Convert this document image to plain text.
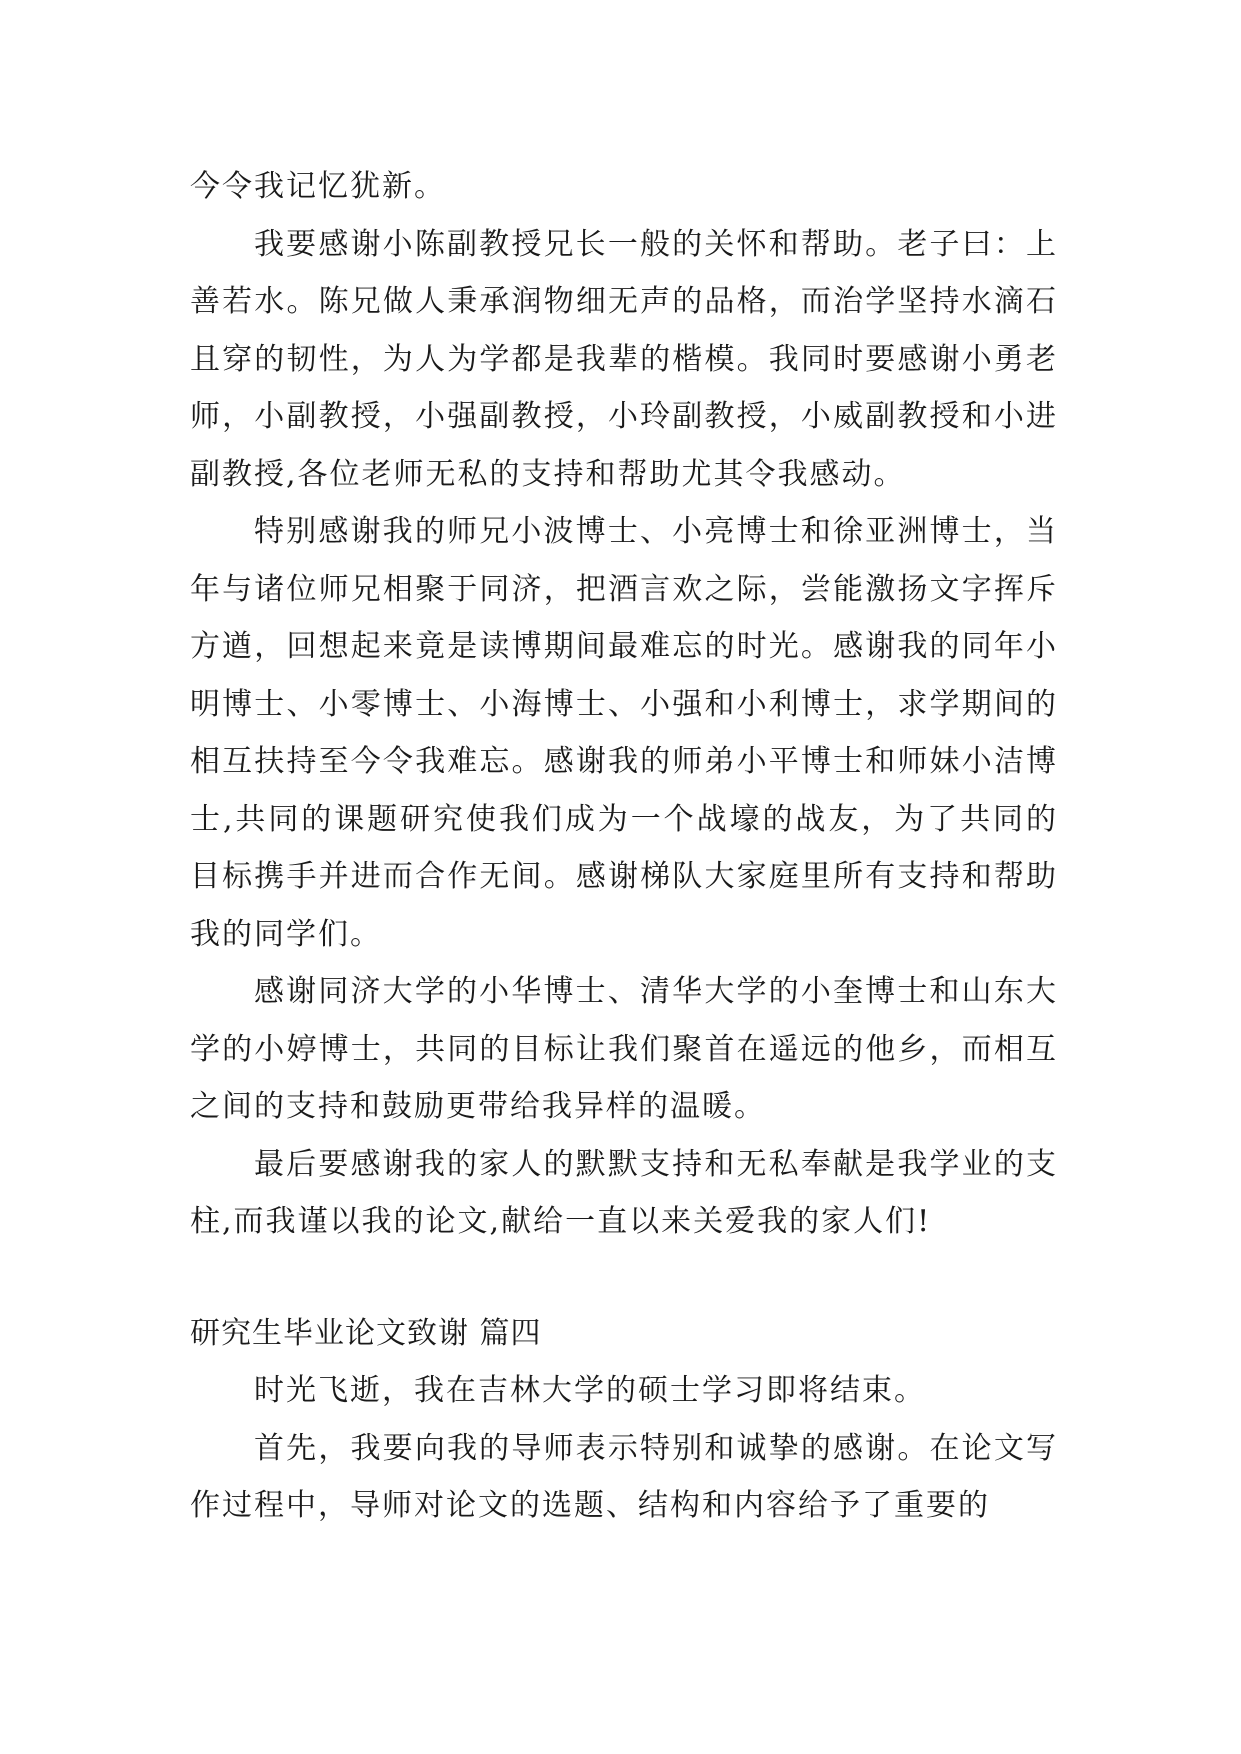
今令我记忆犹新。

我要感谢小陈副教授兄长一般的关怀和帮助。老子曰：上善若水。陈兄做人秉承润物细无声的品格，而治学坚持水滴石且穿的韧性，为人为学都是我辈的楷模。我同时要感谢小勇老师，小副教授，小强副教授，小玲副教授，小威副教授和小进副教授,各位老师无私的支持和帮助尤其令我感动。

特别感谢我的师兄小波博士、小亮博士和徐亚洲博士，当年与诸位师兄相聚于同济，把酒言欢之际，尝能激扬文字挥斥方遒，回想起来竟是读博期间最难忘的时光。感谢我的同年小明博士、小零博士、小海博士、小强和小利博士，求学期间的相互扶持至今令我难忘。感谢我的师弟小平博士和师妹小洁博士,共同的课题研究使我们成为一个战壕的战友，为了共同的目标携手并进而合作无间。感谢梯队大家庭里所有支持和帮助我的同学们。

感谢同济大学的小华博士、清华大学的小奎博士和山东大学的小婷博士，共同的目标让我们聚首在遥远的他乡，而相互之间的支持和鼓励更带给我异样的温暖。

最后要感谢我的家人的默默支持和无私奉献是我学业的支柱,而我谨以我的论文,献给一直以来关爱我的家人们!

研究生毕业论文致谢 篇四

时光飞逝，我在吉林大学的硕士学习即将结束。

首先，我要向我的导师表示特别和诚挚的感谢。在论文写作过程中，导师对论文的选题、结构和内容给予了重要的
